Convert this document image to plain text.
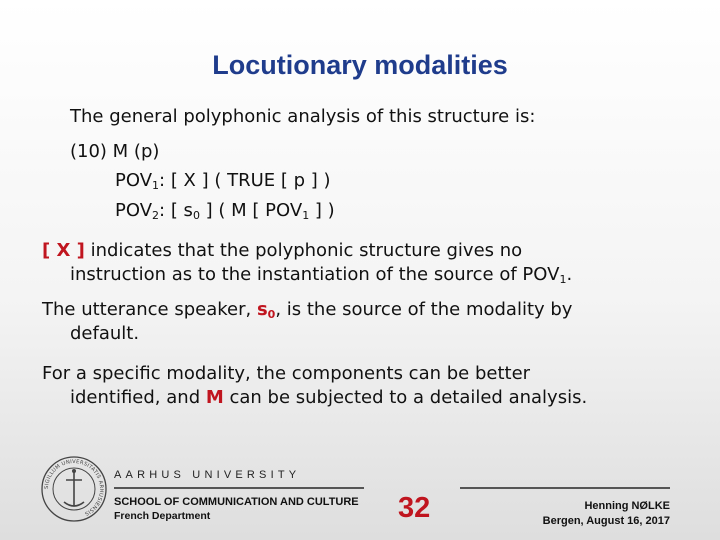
Locutionary modalities
The general polyphonic analysis of this structure is:
(10) M (p)
$POV_1$: [ X ] ( TRUE [ p ] )
$POV_2$: [ $s_0$ ] ( M [ $POV_1$ ] )
[ X ] indicates that the polyphonic structure gives no
instruction as to the instantiation of the source of $POV_1$.
The utterance speaker, $s_0$, is the source of the modality by
default.
For a specific modality, the components can be better
identified, and M can be subjected to a detailed analysis.
SIGILLUM UNIVERSITATIS ARHUSIENSIS
AARHUS UNIVERSITY
SCHOOL OF COMMUNICATION AND CULTURE
French Department	32	Henning NØLKE
Bergen, August 16, 2017
